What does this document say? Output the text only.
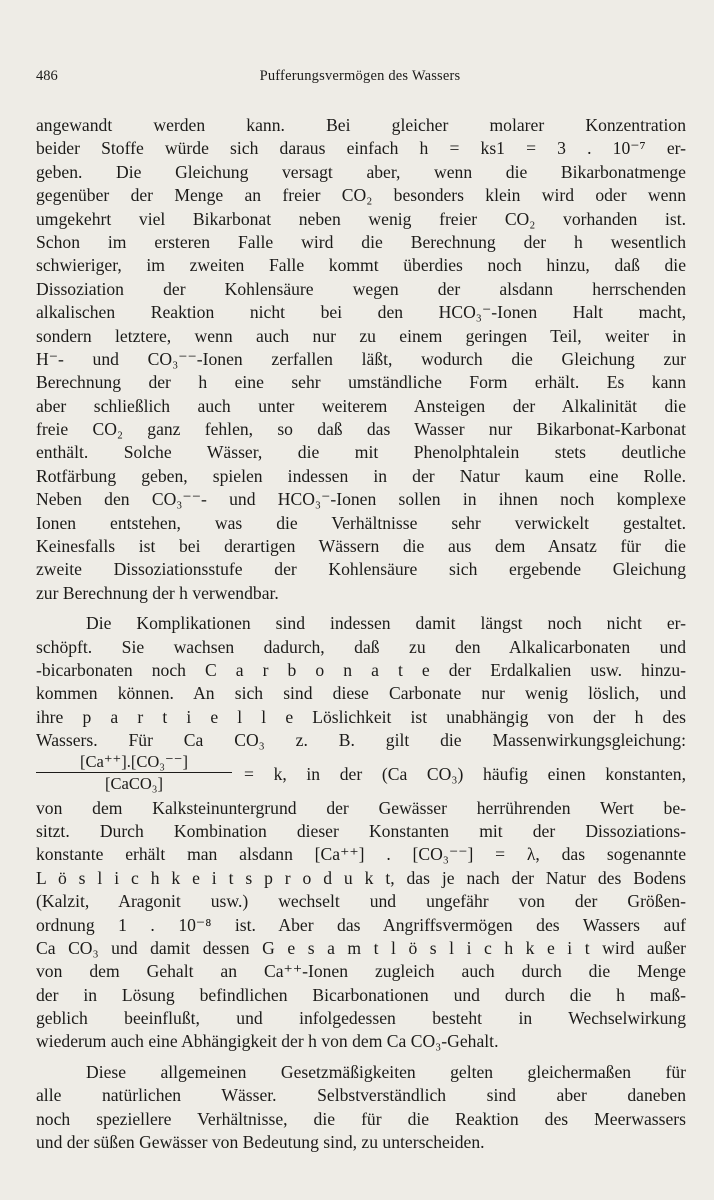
486	Pufferungsvermögen des Wassers
angewandt werden kann. Bei gleicher molarer Konzentration
beider Stoffe würde sich daraus einfach h = ks1 = 3 . 10⁻⁷ er-
geben. Die Gleichung versagt aber, wenn die Bikarbonatmenge
gegenüber der Menge an freier CO₂ besonders klein wird oder wenn
umgekehrt viel Bikarbonat neben wenig freier CO₂ vorhanden ist.
Schon im ersteren Falle wird die Berechnung der h wesentlich
schwieriger, im zweiten Falle kommt überdies noch hinzu, daß die
Dissoziation der Kohlensäure wegen der alsdann herrschenden
alkalischen Reaktion nicht bei den HCO₃⁻-Ionen Halt macht,
sondern letztere, wenn auch nur zu einem geringen Teil, weiter in
H⁻- und CO₃⁻⁻-Ionen zerfallen läßt, wodurch die Gleichung zur
Berechnung der h eine sehr umständliche Form erhält. Es kann
aber schließlich auch unter weiterem Ansteigen der Alkalinität die
freie CO₂ ganz fehlen, so daß das Wasser nur Bikarbonat-Karbonat
enthält. Solche Wässer, die mit Phenolphtalein stets deutliche
Rotfärbung geben, spielen indessen in der Natur kaum eine Rolle.
Neben den CO₃⁻⁻- und HCO₃⁻-Ionen sollen in ihnen noch komplexe
Ionen entstehen, was die Verhältnisse sehr verwickelt gestaltet.
Keinesfalls ist bei derartigen Wässern die aus dem Ansatz für die
zweite Dissoziationsstufe der Kohlensäure sich ergebende Gleichung
zur Berechnung der h verwendbar.
Die Komplikationen sind indessen damit längst noch nicht er-
schöpft. Sie wachsen dadurch, daß zu den Alkalicarbonaten und
-bicarbonaten noch C a r b o n a t e der Erdalkalien usw. hinzu-
kommen können. An sich sind diese Carbonate nur wenig löslich, und
ihre p a r t i e l l e Löslichkeit ist unabhängig von der h des
Wassers. Für Ca CO₃ z. B. gilt die Massenwirkungsgleichung:
[Ca⁺⁺].[CO₃⁻⁻]
[CaCO₃]	= k, in der (Ca CO₃) häufig einen konstanten,
von dem Kalksteinuntergrund der Gewässer herrührenden Wert be-
sitzt. Durch Kombination dieser Konstanten mit der Dissoziations-
konstante erhält man alsdann [Ca⁺⁺] . [CO₃⁻⁻] = λ, das sogenannte
L ö s l i c h k e i t s p r o d u k t, das je nach der Natur des Bodens
(Kalzit, Aragonit usw.) wechselt und ungefähr von der Größen-
ordnung 1 . 10⁻⁸ ist. Aber das Angriffsvermögen des Wassers auf
Ca CO₃ und damit dessen G e s a m t l ö s l i c h k e i t wird außer
von dem Gehalt an Ca⁺⁺-Ionen zugleich auch durch die Menge
der in Lösung befindlichen Bicarbonationen und durch die h maß-
geblich beeinflußt, und infolgedessen besteht in Wechselwirkung
wiederum auch eine Abhängigkeit der h von dem Ca CO₃-Gehalt.
Diese allgemeinen Gesetzmäßigkeiten gelten gleichermaßen für
alle natürlichen Wässer. Selbstverständlich sind aber daneben
noch speziellere Verhältnisse, die für die Reaktion des Meerwassers
und der süßen Gewässer von Bedeutung sind, zu unterscheiden.
